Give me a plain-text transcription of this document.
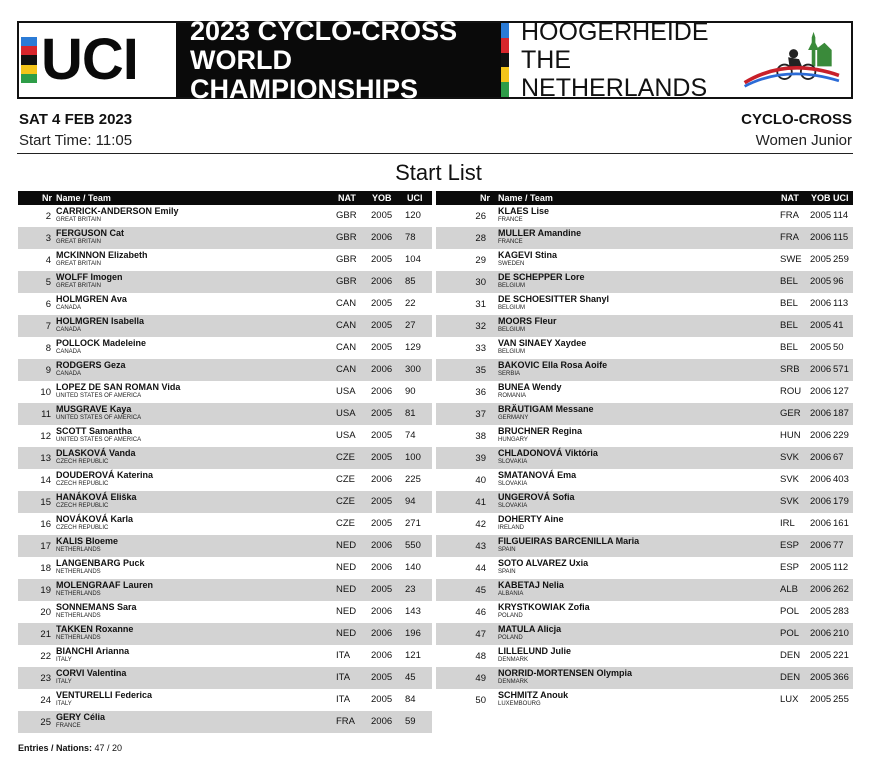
UCI 2023 CYCLO-CROSS
WORLD CHAMPIONSHIPS
HOOGERHEIDE
THE NETHERLANDS
SAT 4 FEB 2023
Start Time: 11:05
CYCLO-CROSS
Women Junior
Start List
Nr Name / Team	NAT YOB UCI
2 CARRICK-ANDERSON Emily
GREAT BRITAIN	GBR 2005 120
3 FERGUSON Cat
GREAT BRITAIN	GBR 2006 78
4 MCKINNON Elizabeth
GREAT BRITAIN	GBR 2005 104
5 WOLFF Imogen
GREAT BRITAIN	GBR 2006 85
6 HOLMGREN Ava
CANADA	CAN 2005 22
7 HOLMGREN Isabella
CANADA	CAN 2005 27
8 POLLOCK Madeleine
CANADA	CAN 2005 129
9 RODGERS Geza
CANADA	CAN 2006 300
10 LOPEZ DE SAN ROMAN Vida
UNITED STATES OF AMERICA	USA 2006 90
11 MUSGRAVE Kaya
UNITED STATES OF AMERICA	USA 2005 81
12 SCOTT Samantha
UNITED STATES OF AMERICA	USA 2005 74
13 DLASKOVÁ Vanda
CZECH REPUBLIC	CZE 2005 100
14 DOUDEROVÁ Katerina
CZECH REPUBLIC	CZE 2006 225
15 HANÁKOVÁ Eliška
CZECH REPUBLIC	CZE 2005 94
16 NOVÁKOVÁ Karla
CZECH REPUBLIC	CZE 2005 271
17 KALIS Bloeme
NETHERLANDS	NED 2006 550
18 LANGENBARG Puck
NETHERLANDS	NED 2006 140
19 MOLENGRAAF Lauren
NETHERLANDS	NED 2005 23
20 SONNEMANS Sara
NETHERLANDS	NED 2006 143
21 TAKKEN Roxanne
NETHERLANDS	NED 2006 196
22 BIANCHI Arianna
ITALY	ITA 2006 121
23 CORVI Valentina
ITALY	ITA 2005 45
24 VENTURELLI Federica
ITALY	ITA 2005 84
25 GERY Célia
FRANCE	FRA 2006 59
Nr Name / Team	NAT YOB UCI
26 KLAES Lise
FRANCE	FRA 2005 114
28 MULLER Amandine
FRANCE	FRA 2006 115
29 KAGEVI Stina
SWEDEN	SWE 2005 259
30 DE SCHEPPER Lore
BELGIUM	BEL 2005 96
31 DE SCHOESITTER Shanyl
BELGIUM	BEL 2006 113
32 MOORS Fleur
BELGIUM	BEL 2005 41
33 VAN SINAEY Xaydee
BELGIUM	BEL 2005 50
35 BAKOVIC Ella Rosa Aoife
SERBIA	SRB 2006 571
36 BUNEA Wendy
ROMANIA	ROU 2006 127
37 BRÄUTIGAM Messane
GERMANY	GER 2006 187
38 BRUCHNER Regina
HUNGARY	HUN 2006 229
39 CHLADONOVÁ Viktória
SLOVAKIA	SVK 2006 67
40 SMATANOVÁ Ema
SLOVAKIA	SVK 2006 403
41 UNGEROVÁ Sofia
SLOVAKIA	SVK 2006 179
42 DOHERTY Aine
IRELAND	IRL 2006 161
43 FILGUEIRAS BARCENILLA Maria
SPAIN	ESP 2006 77
44 SOTO ALVAREZ Uxia
SPAIN	ESP 2005 112
45 KABETAJ Nelia
ALBANIA	ALB 2006 262
46 KRYSTKOWIAK Zofia
POLAND	POL 2005 283
47 MATULA Alicja
POLAND	POL 2006 210
48 LILLELUND Julie
DENMARK	DEN 2005 221
49 NORRID-MORTENSEN Olympia
DENMARK	DEN 2005 366
50 SCHMITZ Anouk
LUXEMBOURG	LUX 2005 255
Entries / Nations: 47 / 20
